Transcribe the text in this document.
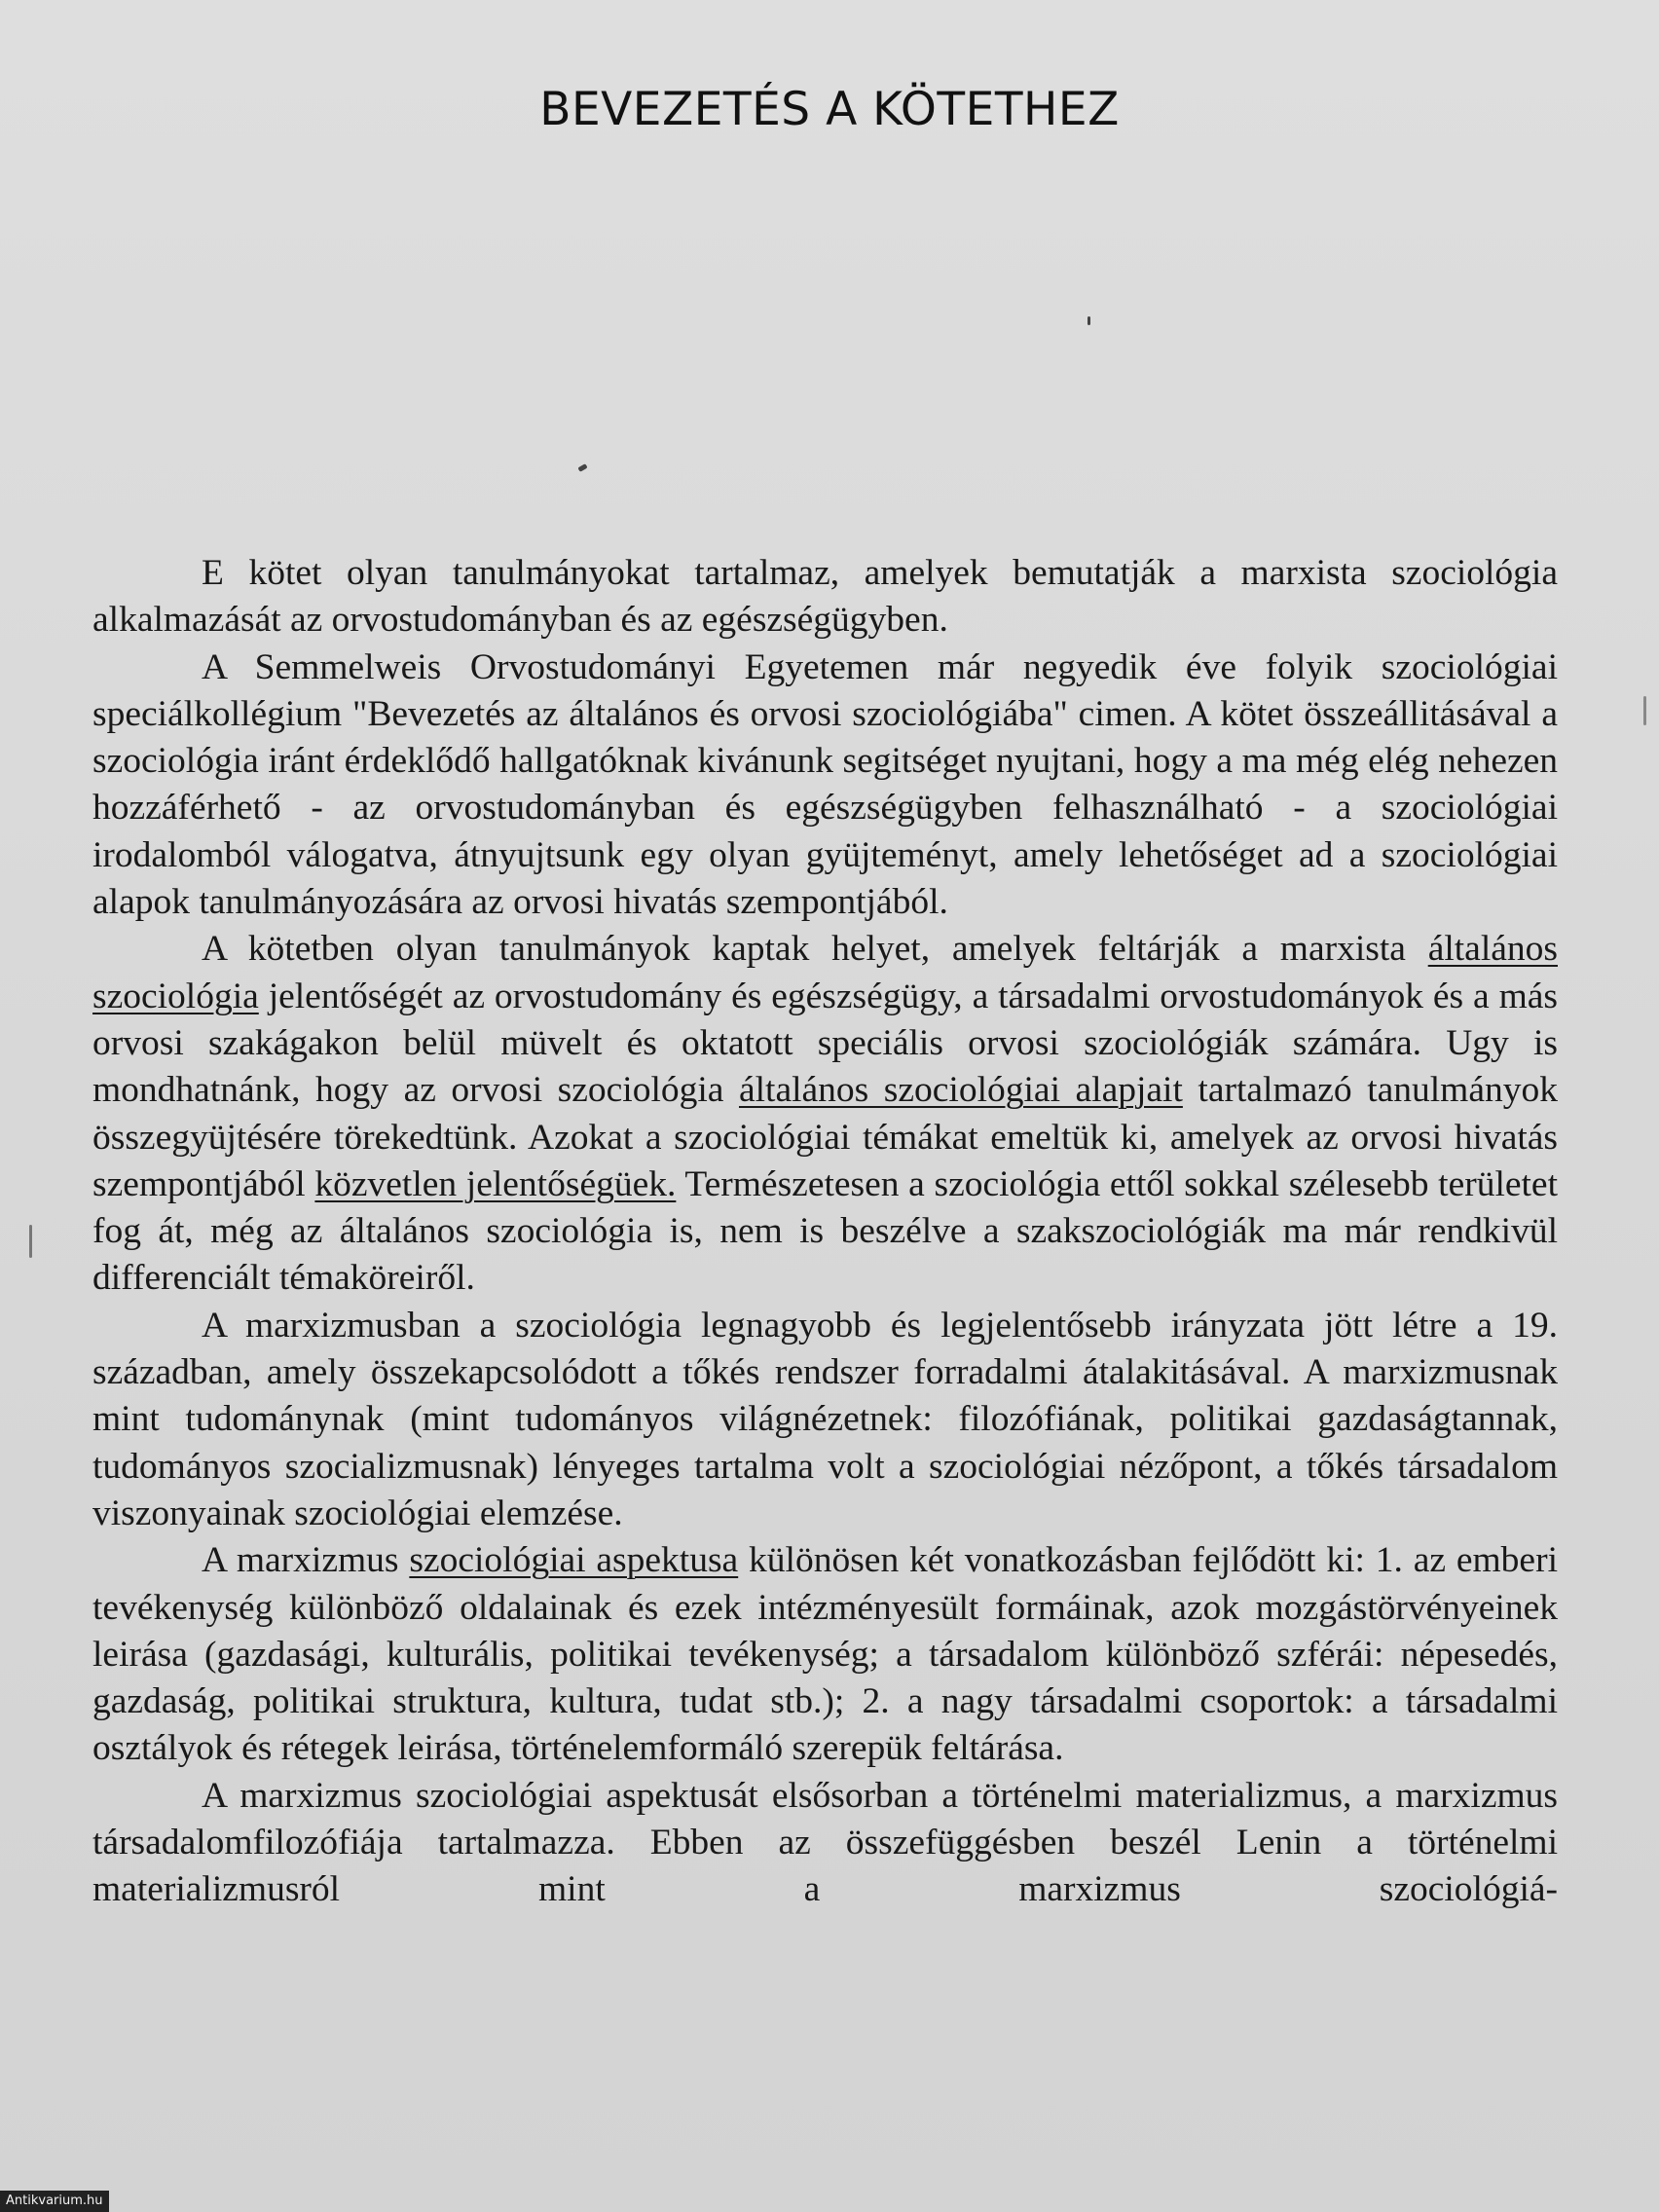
BEVEZETÉS A KÖTETHEZ

E kötet olyan tanulmányokat tartalmaz, amelyek bemutatják a marxista szociológia alkalmazását az orvostudományban és az egészségügyben.

A Semmelweis Orvostudományi Egyetemen már negyedik éve folyik szociológiai speciálkollégium "Bevezetés az általános és orvosi szociológiába" cimen. A kötet összeállitásával a szociológia iránt érdeklődő hallgatóknak kivánunk segitséget nyujtani, hogy a ma még elég nehezen hozzáférhető - az orvostudományban és egészségügyben felhasználható - a szociológiai irodalomból válogatva, átnyujtsunk egy olyan gyüjteményt, amely lehetőséget ad a szociológiai alapok tanulmányozására az orvosi hivatás szempontjából.

A kötetben olyan tanulmányok kaptak helyet, amelyek feltárják a marxista általános szociológia jelentőségét az orvostudomány és egészségügy, a társadalmi orvostudományok és a más orvosi szakágakon belül müvelt és oktatott speciális orvosi szociológiák számára. Ugy is mondhatnánk, hogy az orvosi szociológia általános szociológiai alapjait tartalmazó tanulmányok összegyüjtésére törekedtünk. Azokat a szociológiai témákat emeltük ki, amelyek az orvosi hivatás szempontjából közvetlen jelentőségüek. Természetesen a szociológia ettől sokkal szélesebb területet fog át, még az általános szociológia is, nem is beszélve a szakszociológiák ma már rendkivül differenciált témaköreiről.

A marxizmusban a szociológia legnagyobb és legjelentősebb irányzata jött létre a 19. században, amely összekapcsolódott a tőkés rendszer forradalmi átalakitásával. A marxizmusnak mint tudománynak (mint tudományos világnézetnek: filozófiának, politikai gazdaságtannak, tudományos szocializmusnak) lényeges tartalma volt a szociológiai nézőpont, a tőkés társadalom viszonyainak szociológiai elemzése.

A marxizmus szociológiai aspektusa különösen két vonatkozásban fejlődött ki: 1. az emberi tevékenység különböző oldalainak és ezek intézményesült formáinak, azok mozgástörvényeinek leirása (gazdasági, kulturális, politikai tevékenység; a társadalom különböző szférái: népesedés, gazdaság, politikai struktura, kultura, tudat stb.); 2. a nagy társadalmi csoportok: a társadalmi osztályok és rétegek leirása, történelemformáló szerepük feltárása.

A marxizmus szociológiai aspektusát elsősorban a történelmi materializmus, a marxizmus társadalomfilozófiája tartalmazza. Ebben az összefüggésben beszél Lenin a történelmi materializmusról mint a marxizmus szociológiá-

Antikvarium.hu
